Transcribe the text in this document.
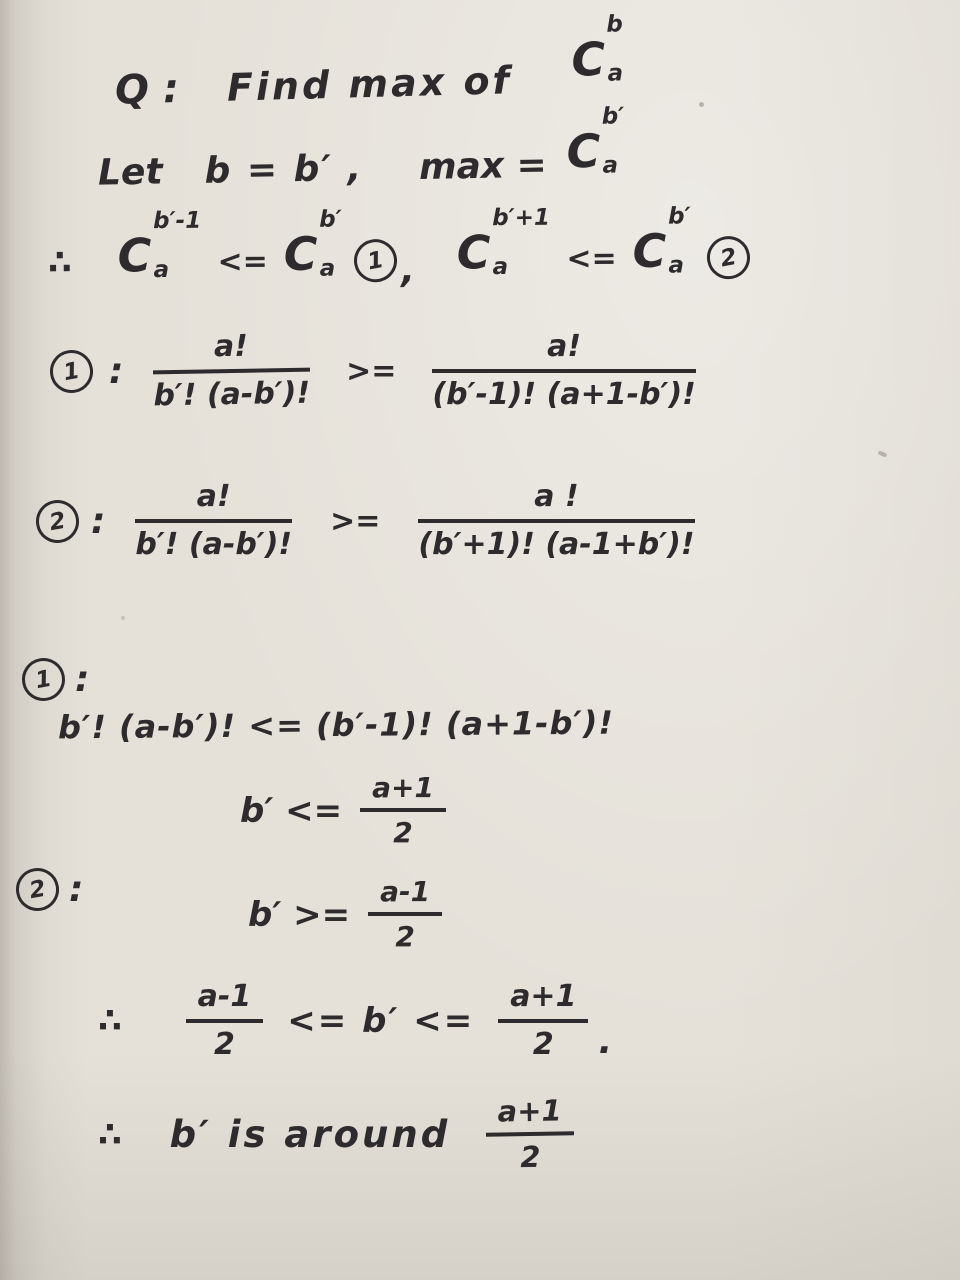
Q : Find max of C
b
a
Let b = b′ , max = C
b′
a
∴ C
b′-1
a <= C
b′
a	1 , C
b′+1
a <= C
b′
a	2
1 : $\frac{a!}{b'! (a-b')!} >= \frac{a!}{(b'-1)! (a+1-b')!}$
2 : $\frac{a!}{b'! (a-b')!} >= \frac{a !}{(b'+1)! (a-1+b')!}$
1 :
b′! (a-b′)! <= (b′-1)! (a+1-b′)!
$b' <= \frac{a+1}{2}$
2 :
$b' >= \frac{a-1}{2}$
∴ $\frac{a-1}{2} <= b' <= \frac{a+1}{2}$ .
∴ b′ is around $\frac{a+1}{2}$
